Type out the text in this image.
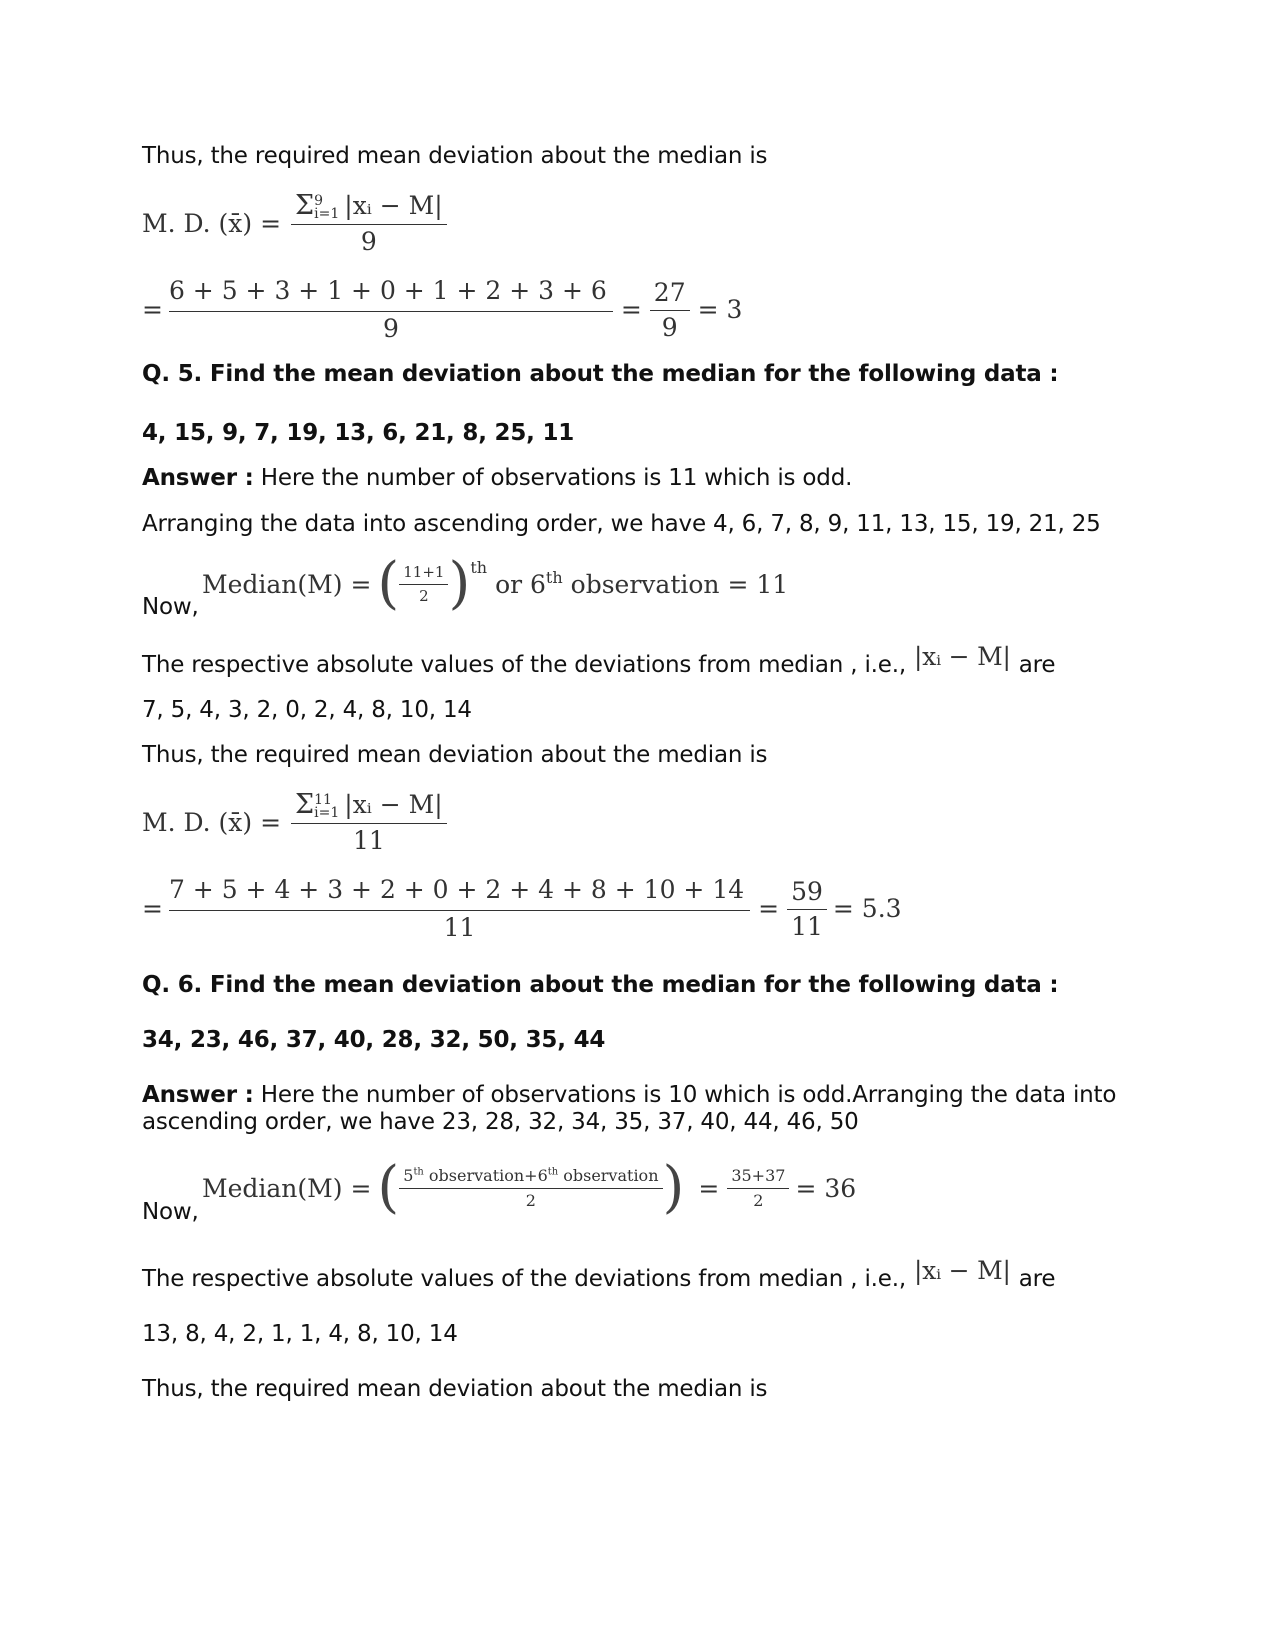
Thus, the required mean deviation about the median is
M. D. (x̄) = Σ 9
i=1 |xᵢ − M|
9
= $\frac{6 + 5 + 3 + 1 + 0 + 1 + 2 + 3 + 6}{9} = \frac{27}{9} = 3$
Q. 5. Find the mean deviation about the median for the following data :
4, 15, 9, 7, 19, 13, 6, 21, 8, 25, 11
Answer : Here the number of observations is 11 which is odd.
Arranging the data into ascending order, we have 4, 6, 7, 8, 9, 11, 13, 15, 19, 21, 25
Now,
Median(M) = ( $\frac{11+1}{2}$ ) th
or 6 th observation = 11
The respective absolute values of the deviations from median , i.e., |xᵢ − M| are
7, 5, 4, 3, 2, 0, 2, 4, 8, 10, 14
Thus, the required mean deviation about the median is
M. D. (x̄) = Σ 11
i=1 |xᵢ − M|
11
= $\frac{7 + 5 + 4 + 3 + 2 + 0 + 2 + 4 + 8 + 10 + 14}{11} = \frac{59}{11} = 5.3$
Q. 6. Find the mean deviation about the median for the following data :
34, 23, 46, 37, 40, 28, 32, 50, 35, 44
Answer : Here the number of observations is 10 which is odd.Arranging the data into
ascending order, we have 23, 28, 32, 34, 35, 37, 40, 44, 46, 50
Now,
Median(M) = ( $\frac{5^{th} observation+6^{th} observation}{2}$ ) = $\frac{35+37}{2} = 36$
The respective absolute values of the deviations from median , i.e., |xᵢ − M| are
13, 8, 4, 2, 1, 1, 4, 8, 10, 14
Thus, the required mean deviation about the median is
